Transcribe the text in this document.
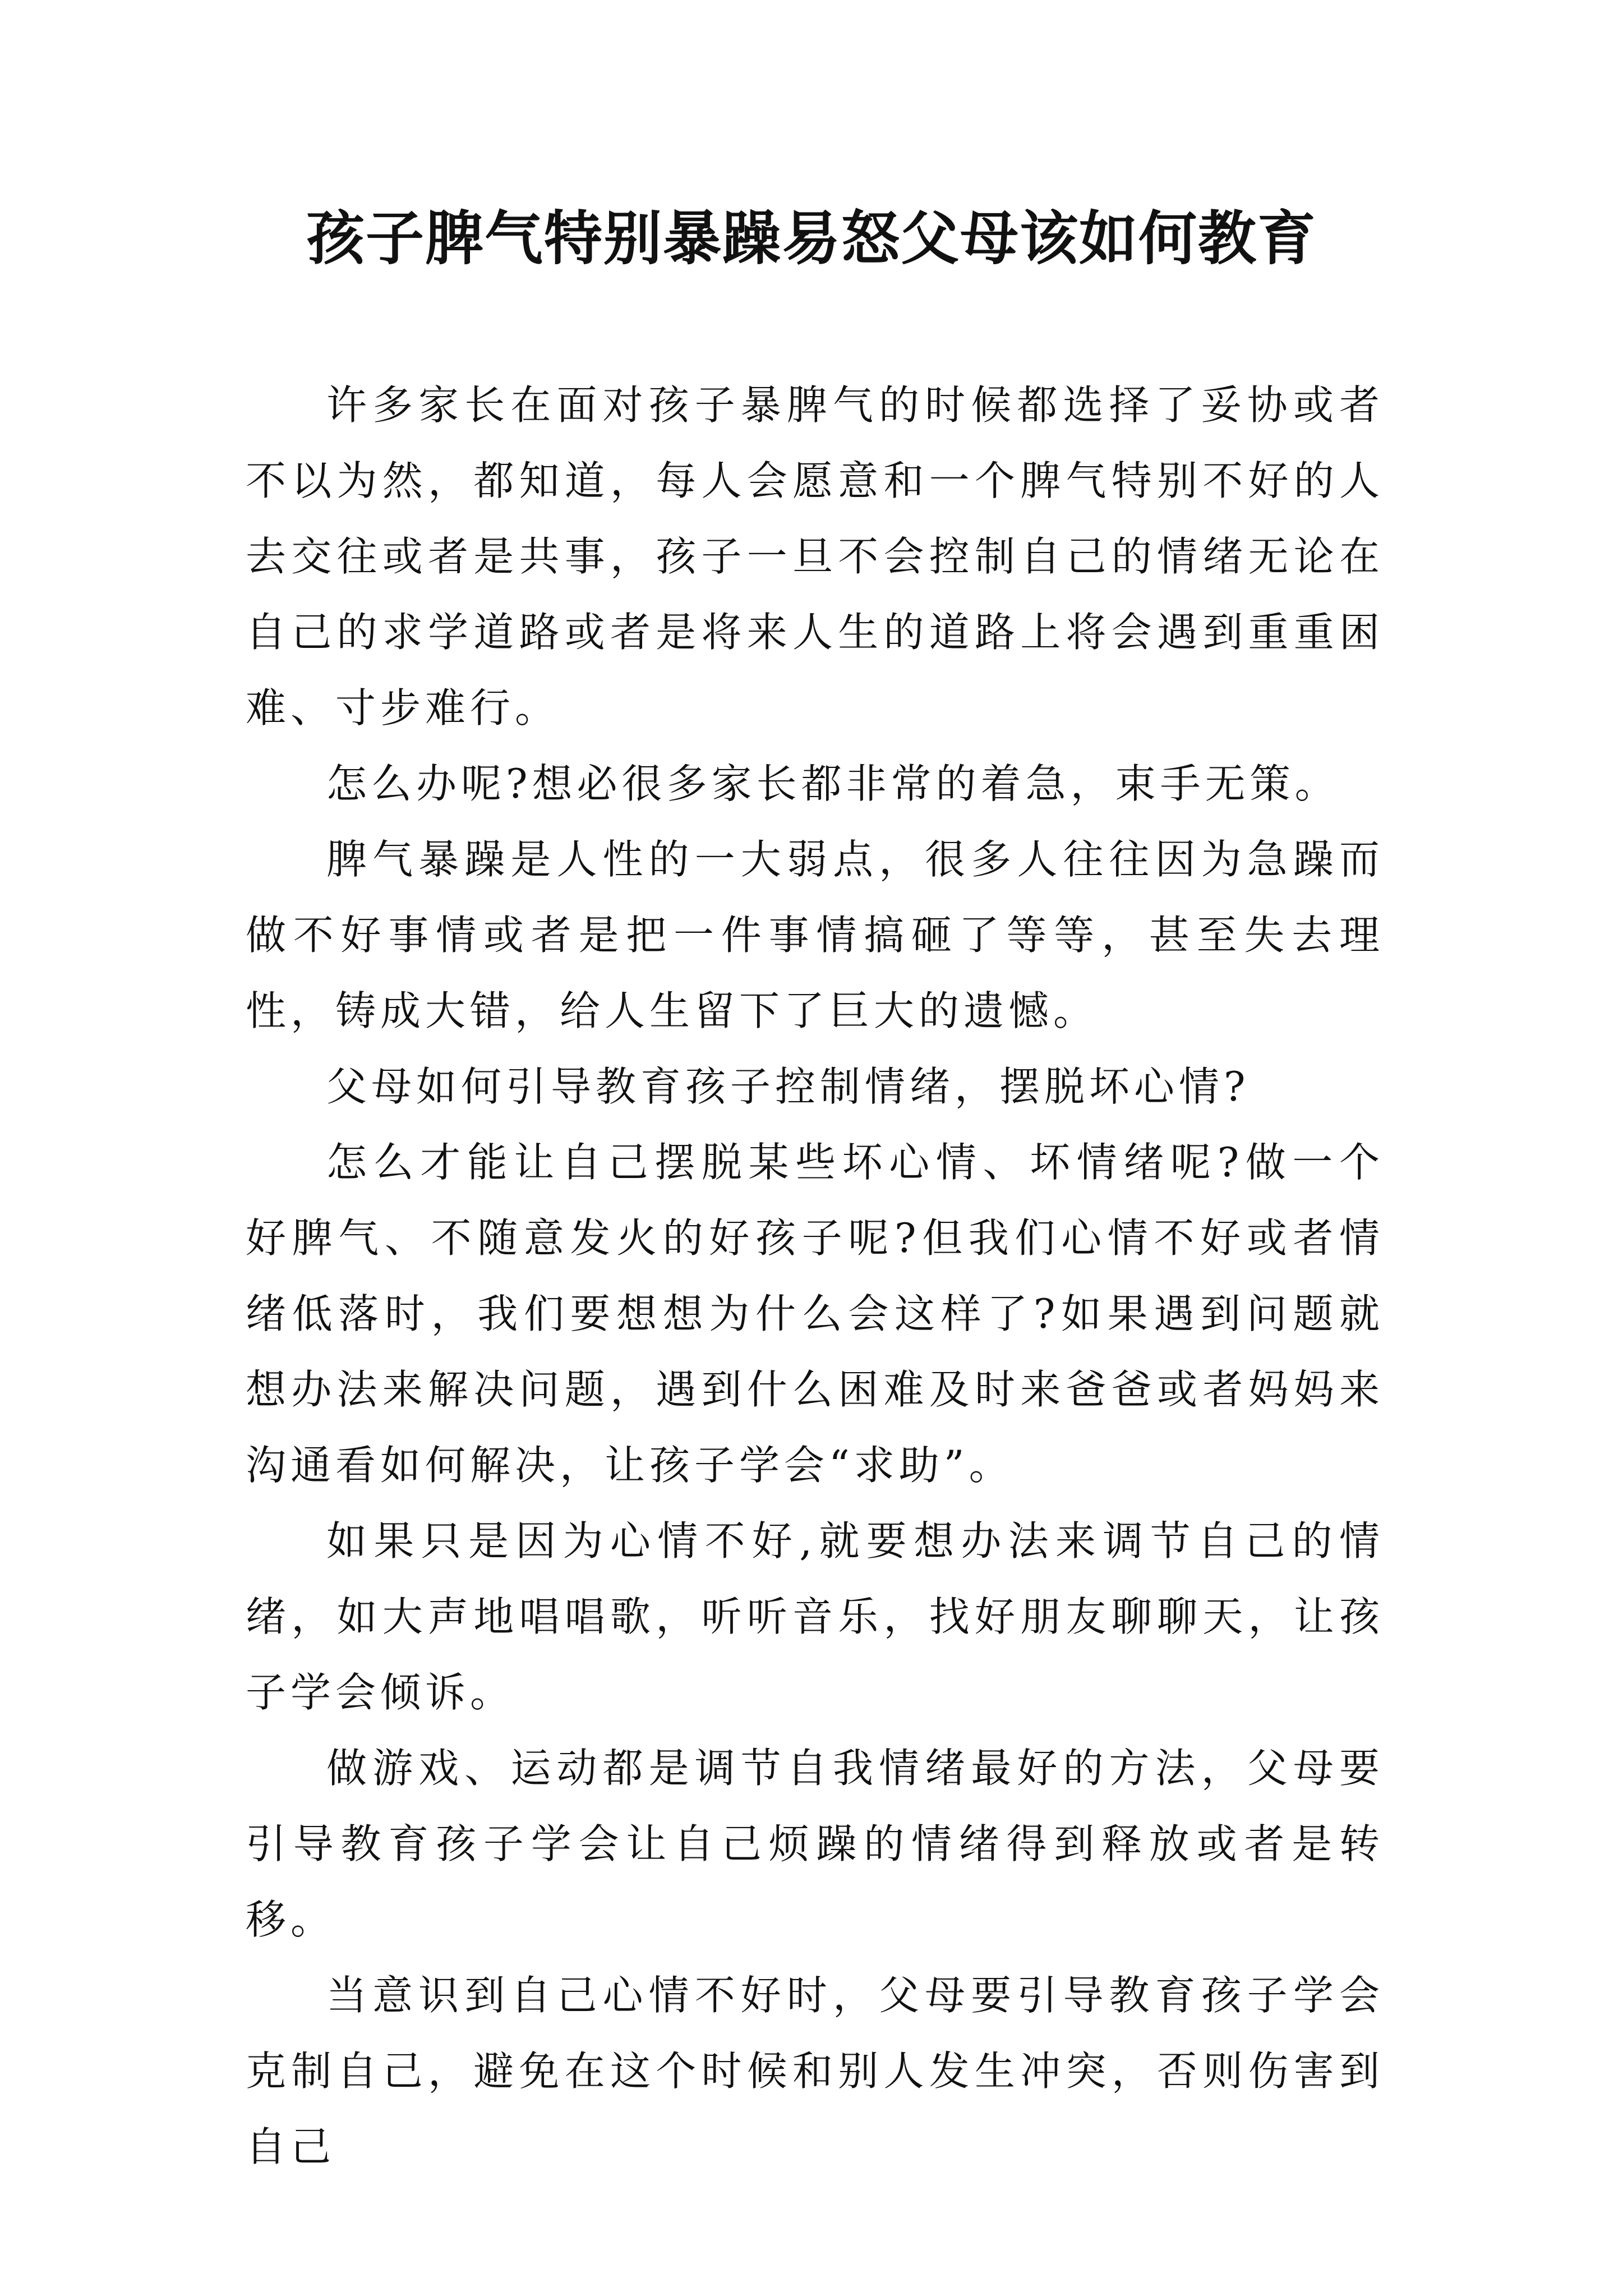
孩子脾气特别暴躁易怒父母该如何教育

许多家长在面对孩子暴脾气的时候都选择了妥协或者不以为然，都知道，每人会愿意和一个脾气特别不好的人去交往或者是共事，孩子一旦不会控制自己的情绪无论在自己的求学道路或者是将来人生的道路上将会遇到重重困难、寸步难行。

怎么办呢?想必很多家长都非常的着急，束手无策。

脾气暴躁是人性的一大弱点，很多人往往因为急躁而做不好事情或者是把一件事情搞砸了等等，甚至失去理性，铸成大错，给人生留下了巨大的遗憾。

父母如何引导教育孩子控制情绪，摆脱坏心情?

怎么才能让自己摆脱某些坏心情、坏情绪呢?做一个好脾气、不随意发火的好孩子呢?但我们心情不好或者情绪低落时，我们要想想为什么会这样了?如果遇到问题就想办法来解决问题，遇到什么困难及时来爸爸或者妈妈来沟通看如何解决，让孩子学会“求助”。

如果只是因为心情不好,就要想办法来调节自己的情绪，如大声地唱唱歌，听听音乐，找好朋友聊聊天，让孩子学会倾诉。

做游戏、运动都是调节自我情绪最好的方法，父母要引导教育孩子学会让自己烦躁的情绪得到释放或者是转移。

当意识到自己心情不好时，父母要引导教育孩子学会克制自己，避免在这个时候和别人发生冲突，否则伤害到自己
